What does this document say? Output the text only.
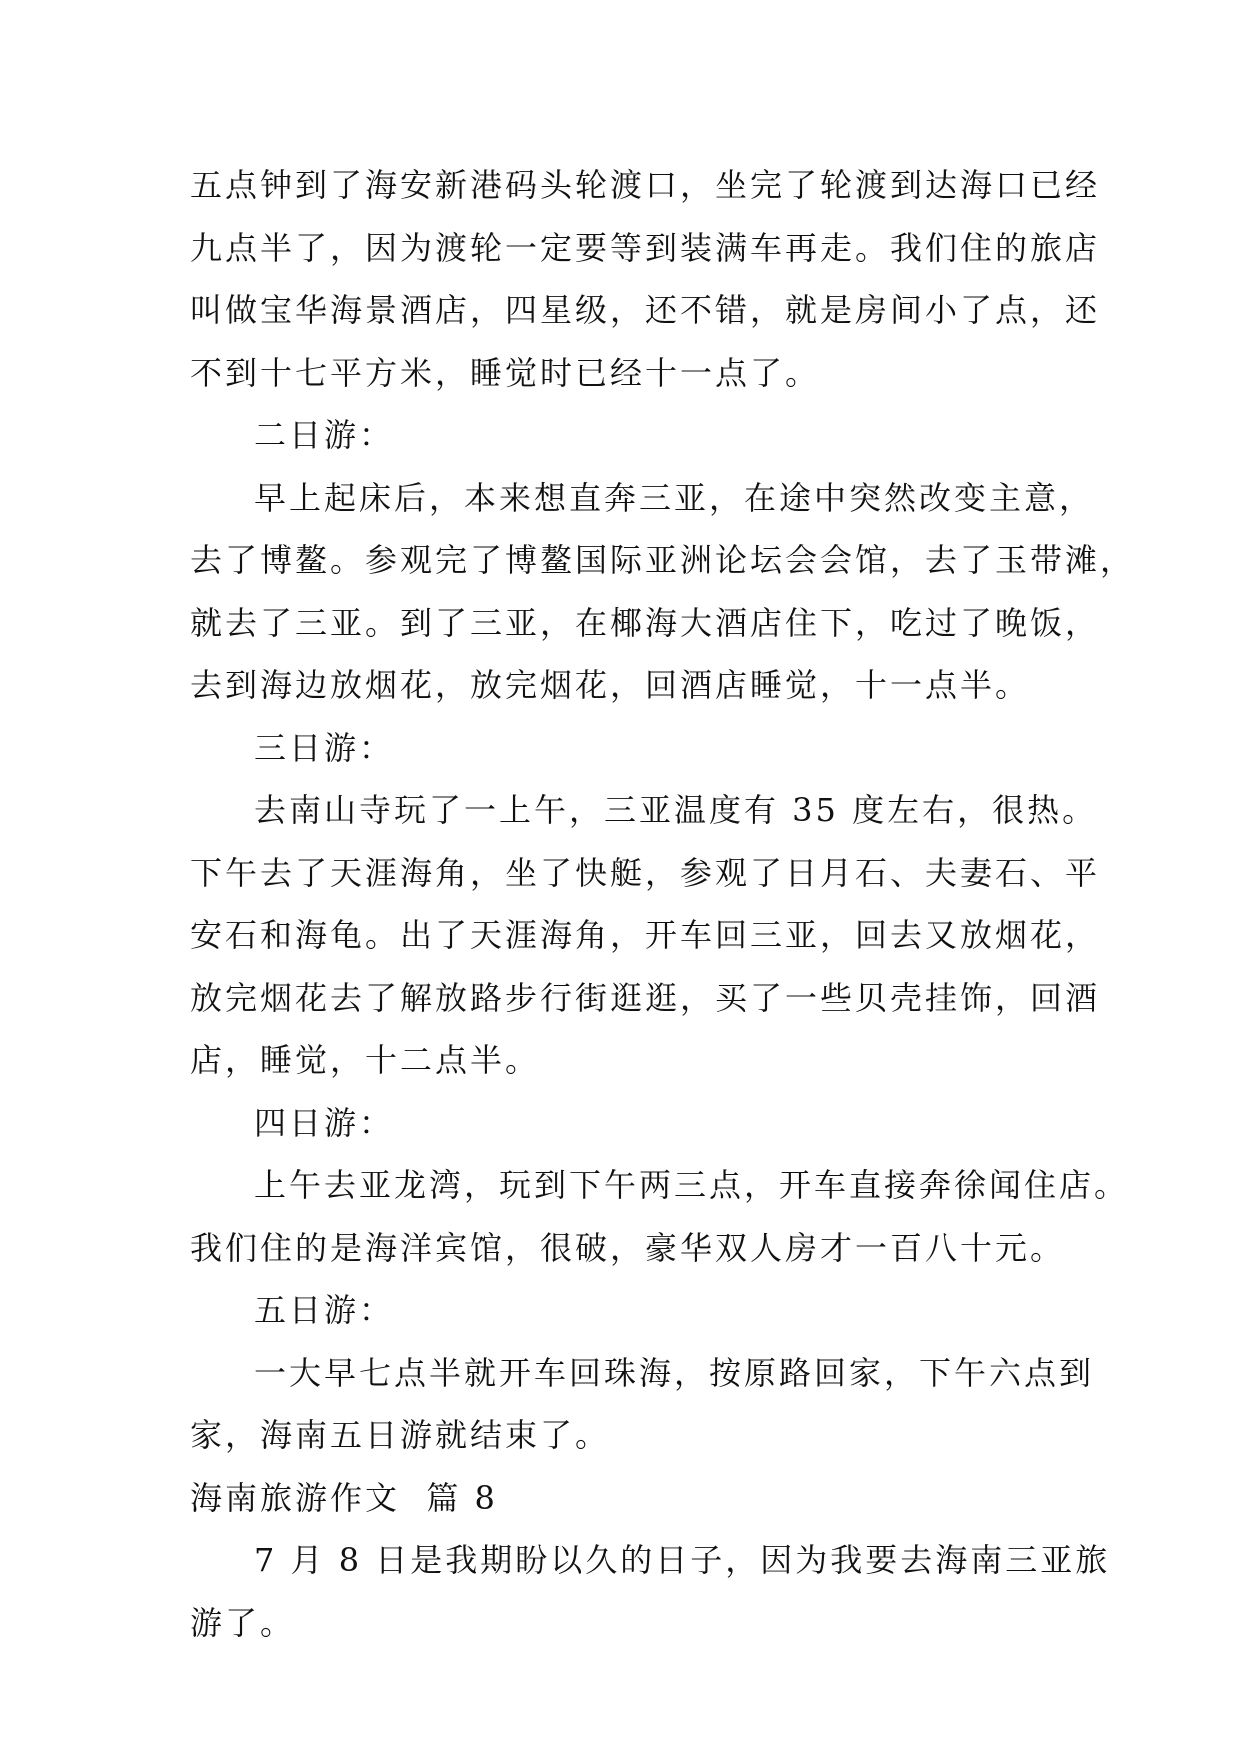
五点钟到了海安新港码头轮渡口，坐完了轮渡到达海口已经
九点半了，因为渡轮一定要等到装满车再走。我们住的旅店
叫做宝华海景酒店，四星级，还不错，就是房间小了点，还
不到十七平方米，睡觉时已经十一点了。
二日游：
早上起床后，本来想直奔三亚，在途中突然改变主意，
去了博鳌。参观完了博鳌国际亚洲论坛会会馆，去了玉带滩，
就去了三亚。到了三亚，在椰海大酒店住下，吃过了晚饭，
去到海边放烟花，放完烟花，回酒店睡觉，十一点半。
三日游：
去南山寺玩了一上午，三亚温度有 35 度左右，很热。
下午去了天涯海角，坐了快艇，参观了日月石、夫妻石、平
安石和海龟。出了天涯海角，开车回三亚，回去又放烟花，
放完烟花去了解放路步行街逛逛，买了一些贝壳挂饰，回酒
店，睡觉，十二点半。
四日游：
上午去亚龙湾，玩到下午两三点，开车直接奔徐闻住店。
我们住的是海洋宾馆，很破，豪华双人房才一百八十元。
五日游：
一大早七点半就开车回珠海，按原路回家，下午六点到
家，海南五日游就结束了。
海南旅游作文  篇 8
7 月 8 日是我期盼以久的日子，因为我要去海南三亚旅
游了。
